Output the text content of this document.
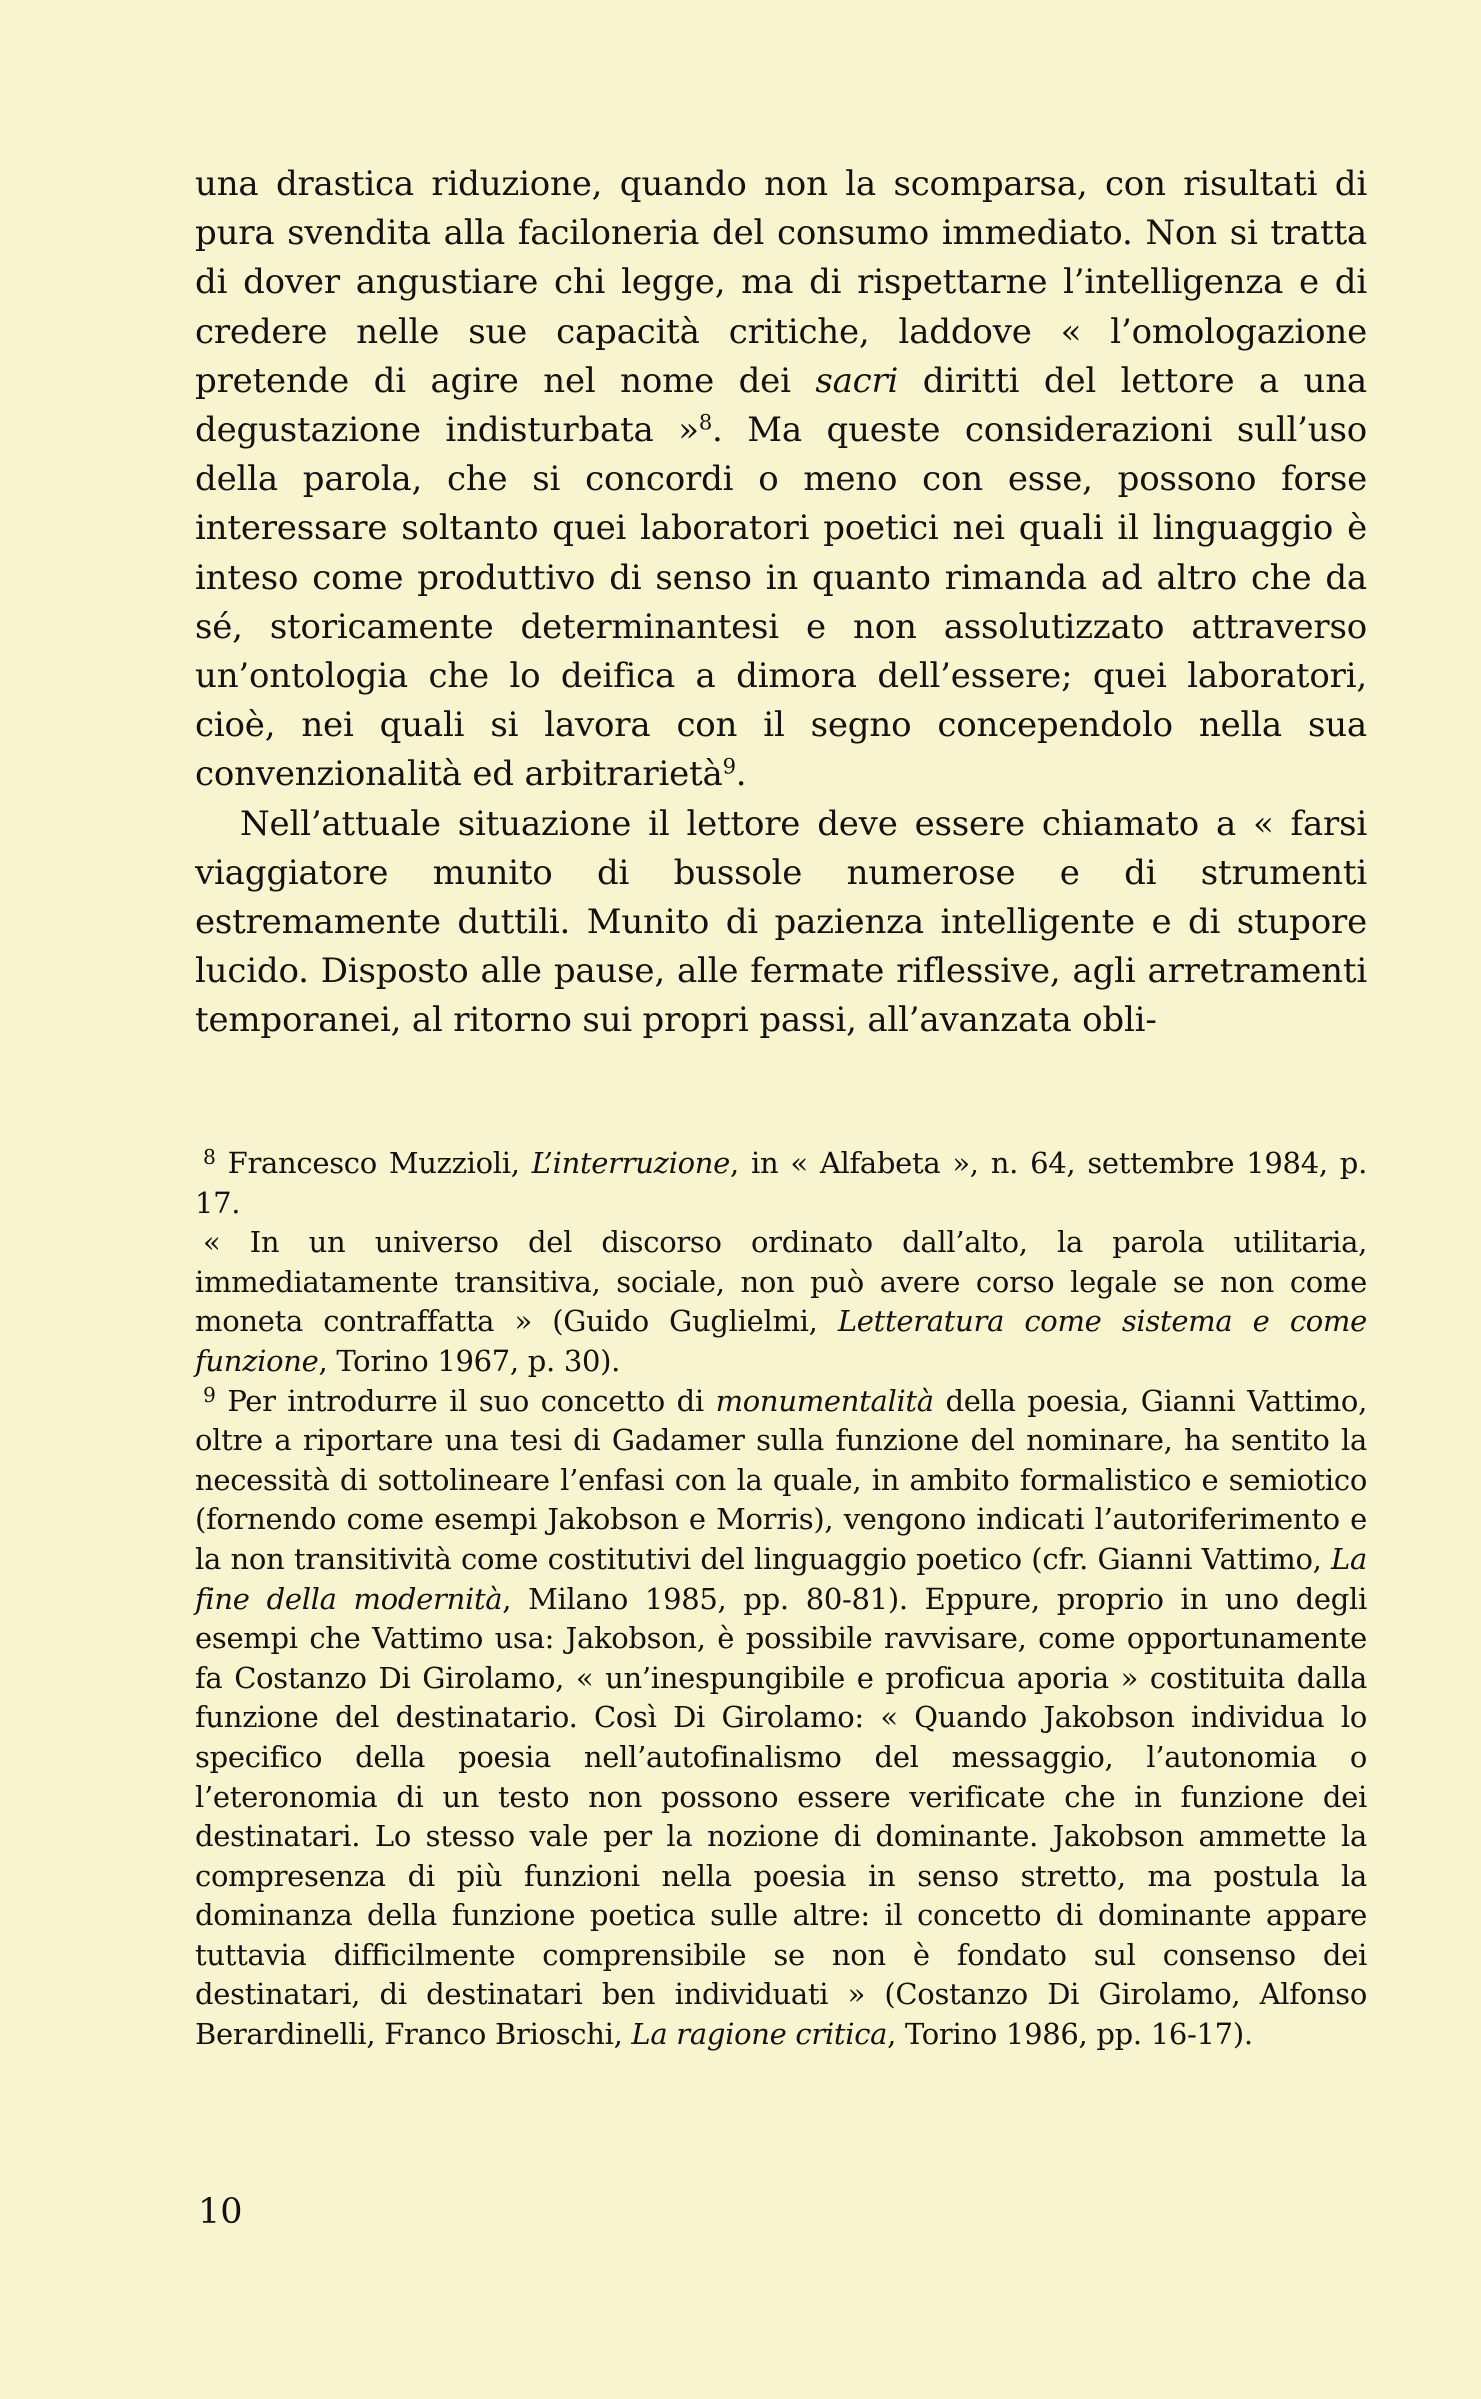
una drastica riduzione, quando non la scomparsa, con risultati di pura svendita alla faciloneria del consumo immediato. Non si tratta di dover angustiare chi legge, ma di rispettarne l’intelligenza e di credere nelle sue capacità critiche, laddove « l’omologazione pretende di agire nel nome dei sacri diritti del lettore a una degustazione indisturbata »$^8$. Ma queste considerazioni sull’uso della parola, che si concordi o meno con esse, possono forse interessare soltanto quei laboratori poetici nei quali il linguaggio è inteso come produttivo di senso in quanto rimanda ad altro che da sé, storicamente determinantesi e non assolutizzato attraverso un’ontologia che lo deifica a dimora dell’essere; quei laboratori, cioè, nei quali si lavora con il segno concependolo nella sua convenzionalità ed arbitrarietà$^9$.

Nell’attuale situazione il lettore deve essere chiamato a « farsi viaggiatore munito di bussole numerose e di strumenti estremamente duttili. Munito di pazienza intelligente e di stupore lucido. Disposto alle pause, alle fermate riflessive, agli arretramenti temporanei, al ritorno sui propri passi, all’avanzata obli-

$^8$ Francesco Muzzioli, L’interruzione, in « Alfabeta », n. 64, settembre 1984, p. 17.

« In un universo del discorso ordinato dall’alto, la parola utilitaria, immediatamente transitiva, sociale, non può avere corso legale se non come moneta contraffatta » (Guido Guglielmi, Letteratura come sistema e come funzione, Torino 1967, p. 30).

$^9$ Per introdurre il suo concetto di monumentalità della poesia, Gianni Vattimo, oltre a riportare una tesi di Gadamer sulla funzione del nominare, ha sentito la necessità di sottolineare l’enfasi con la quale, in ambito formalistico e semiotico (fornendo come esempi Jakobson e Morris), vengono indicati l’autoriferimento e la non transitività come costitutivi del linguaggio poetico (cfr. Gianni Vattimo, La fine della modernità, Milano 1985, pp. 80-81). Eppure, proprio in uno degli esempi che Vattimo usa: Jakobson, è possibile ravvisare, come opportunamente fa Costanzo Di Girolamo, « un’inespungibile e proficua aporia » costituita dalla funzione del destinatario. Così Di Girolamo: « Quando Jakobson individua lo specifico della poesia nell’autofinalismo del messaggio, l’autonomia o l’eteronomia di un testo non possono essere verificate che in funzione dei destinatari. Lo stesso vale per la nozione di dominante. Jakobson ammette la compresenza di più funzioni nella poesia in senso stretto, ma postula la dominanza della funzione poetica sulle altre: il concetto di dominante appare tuttavia difficilmente comprensibile se non è fondato sul consenso dei destinatari, di destinatari ben individuati » (Costanzo Di Girolamo, Alfonso Berardinelli, Franco Brioschi, La ragione critica, Torino 1986, pp. 16-17).

10
